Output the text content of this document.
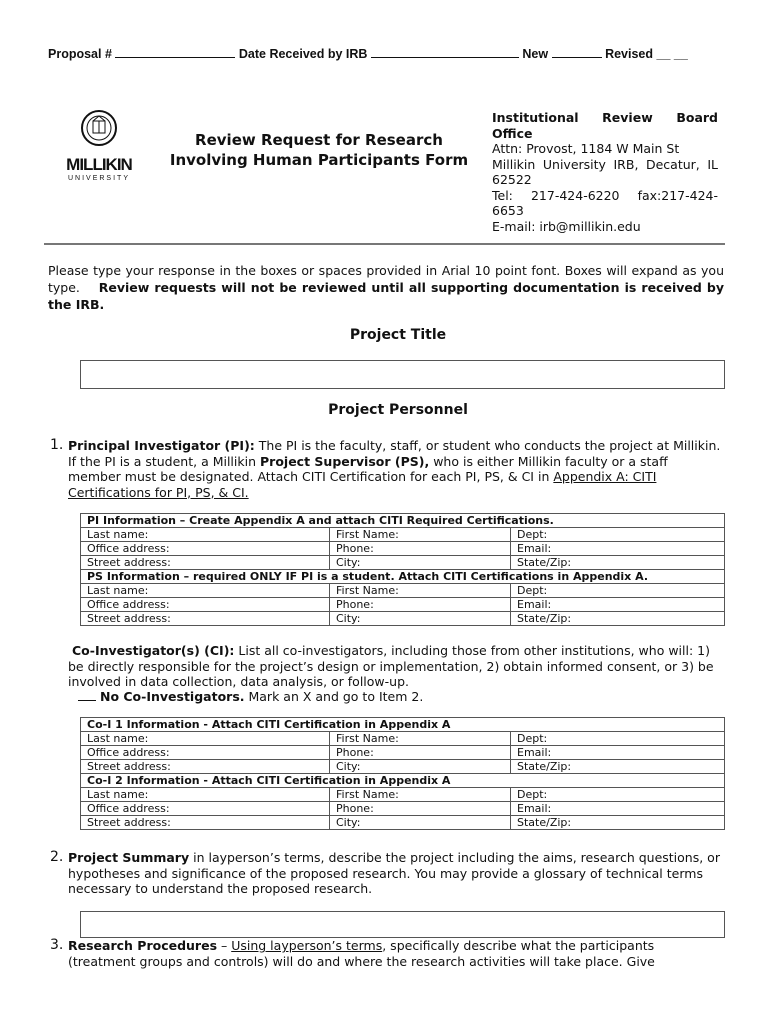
Proposal #	Date Received by IRB	New	Revised __ __
MILLIKIN
UNIVERSITY
Review Request for Research
Involving Human Participants Form
Institutional Review Board Office
Attn: Provost, 1184 W Main St
Millikin University IRB, Decatur, IL 62522
Tel: 217-424-6220 fax:217-424-6653
E-mail: irb@millikin.edu
Please type your response in the boxes or spaces provided in Arial 10 point font. Boxes will expand as you type. Review requests will not be reviewed until all supporting documentation is received by the IRB.
Project Title
Project Personnel
1. Principal Investigator (PI): The PI is the faculty, staff, or student who conducts the project at Millikin. If the PI is a student, a Millikin Project Supervisor (PS), who is either Millikin faculty or a staff member must be designated. Attach CITI Certification for each PI, PS, & CI in Appendix A: CITI Certifications for PI, PS, & CI.
PI Information – Create Appendix A and attach CITI Required Certifications.		
Last name:	First Name:	Dept:
Office address:	Phone:	Email:
Street address:	City:	State/Zip:
PS Information – required ONLY IF PI is a student. Attach CITI Certifications in Appendix A.		
Last name:	First Name:	Dept:
Office address:	Phone:	Email:
Street address:	City:	State/Zip:
Co-Investigator(s) (CI): List all co-investigators, including those from other institutions, who will: 1) be directly responsible for the project’s design or implementation, 2) obtain informed consent, or 3) be involved in data collection, data analysis, or follow-up.
No Co-Investigators. Mark an X and go to Item 2.
Co-I 1 Information - Attach CITI Certification in Appendix A		
Last name:	First Name:	Dept:
Office address:	Phone:	Email:
Street address:	City:	State/Zip:
Co-I 2 Information - Attach CITI Certification in Appendix A		
Last name:	First Name:	Dept:
Office address:	Phone:	Email:
Street address:	City:	State/Zip:
2. Project Summary in layperson’s terms, describe the project including the aims, research questions, or hypotheses and significance of the proposed research. You may provide a glossary of technical terms necessary to understand the proposed research.
3. Research Procedures – Using layperson’s terms, specifically describe what the participants (treatment groups and controls) will do and where the research activities will take place. Give
